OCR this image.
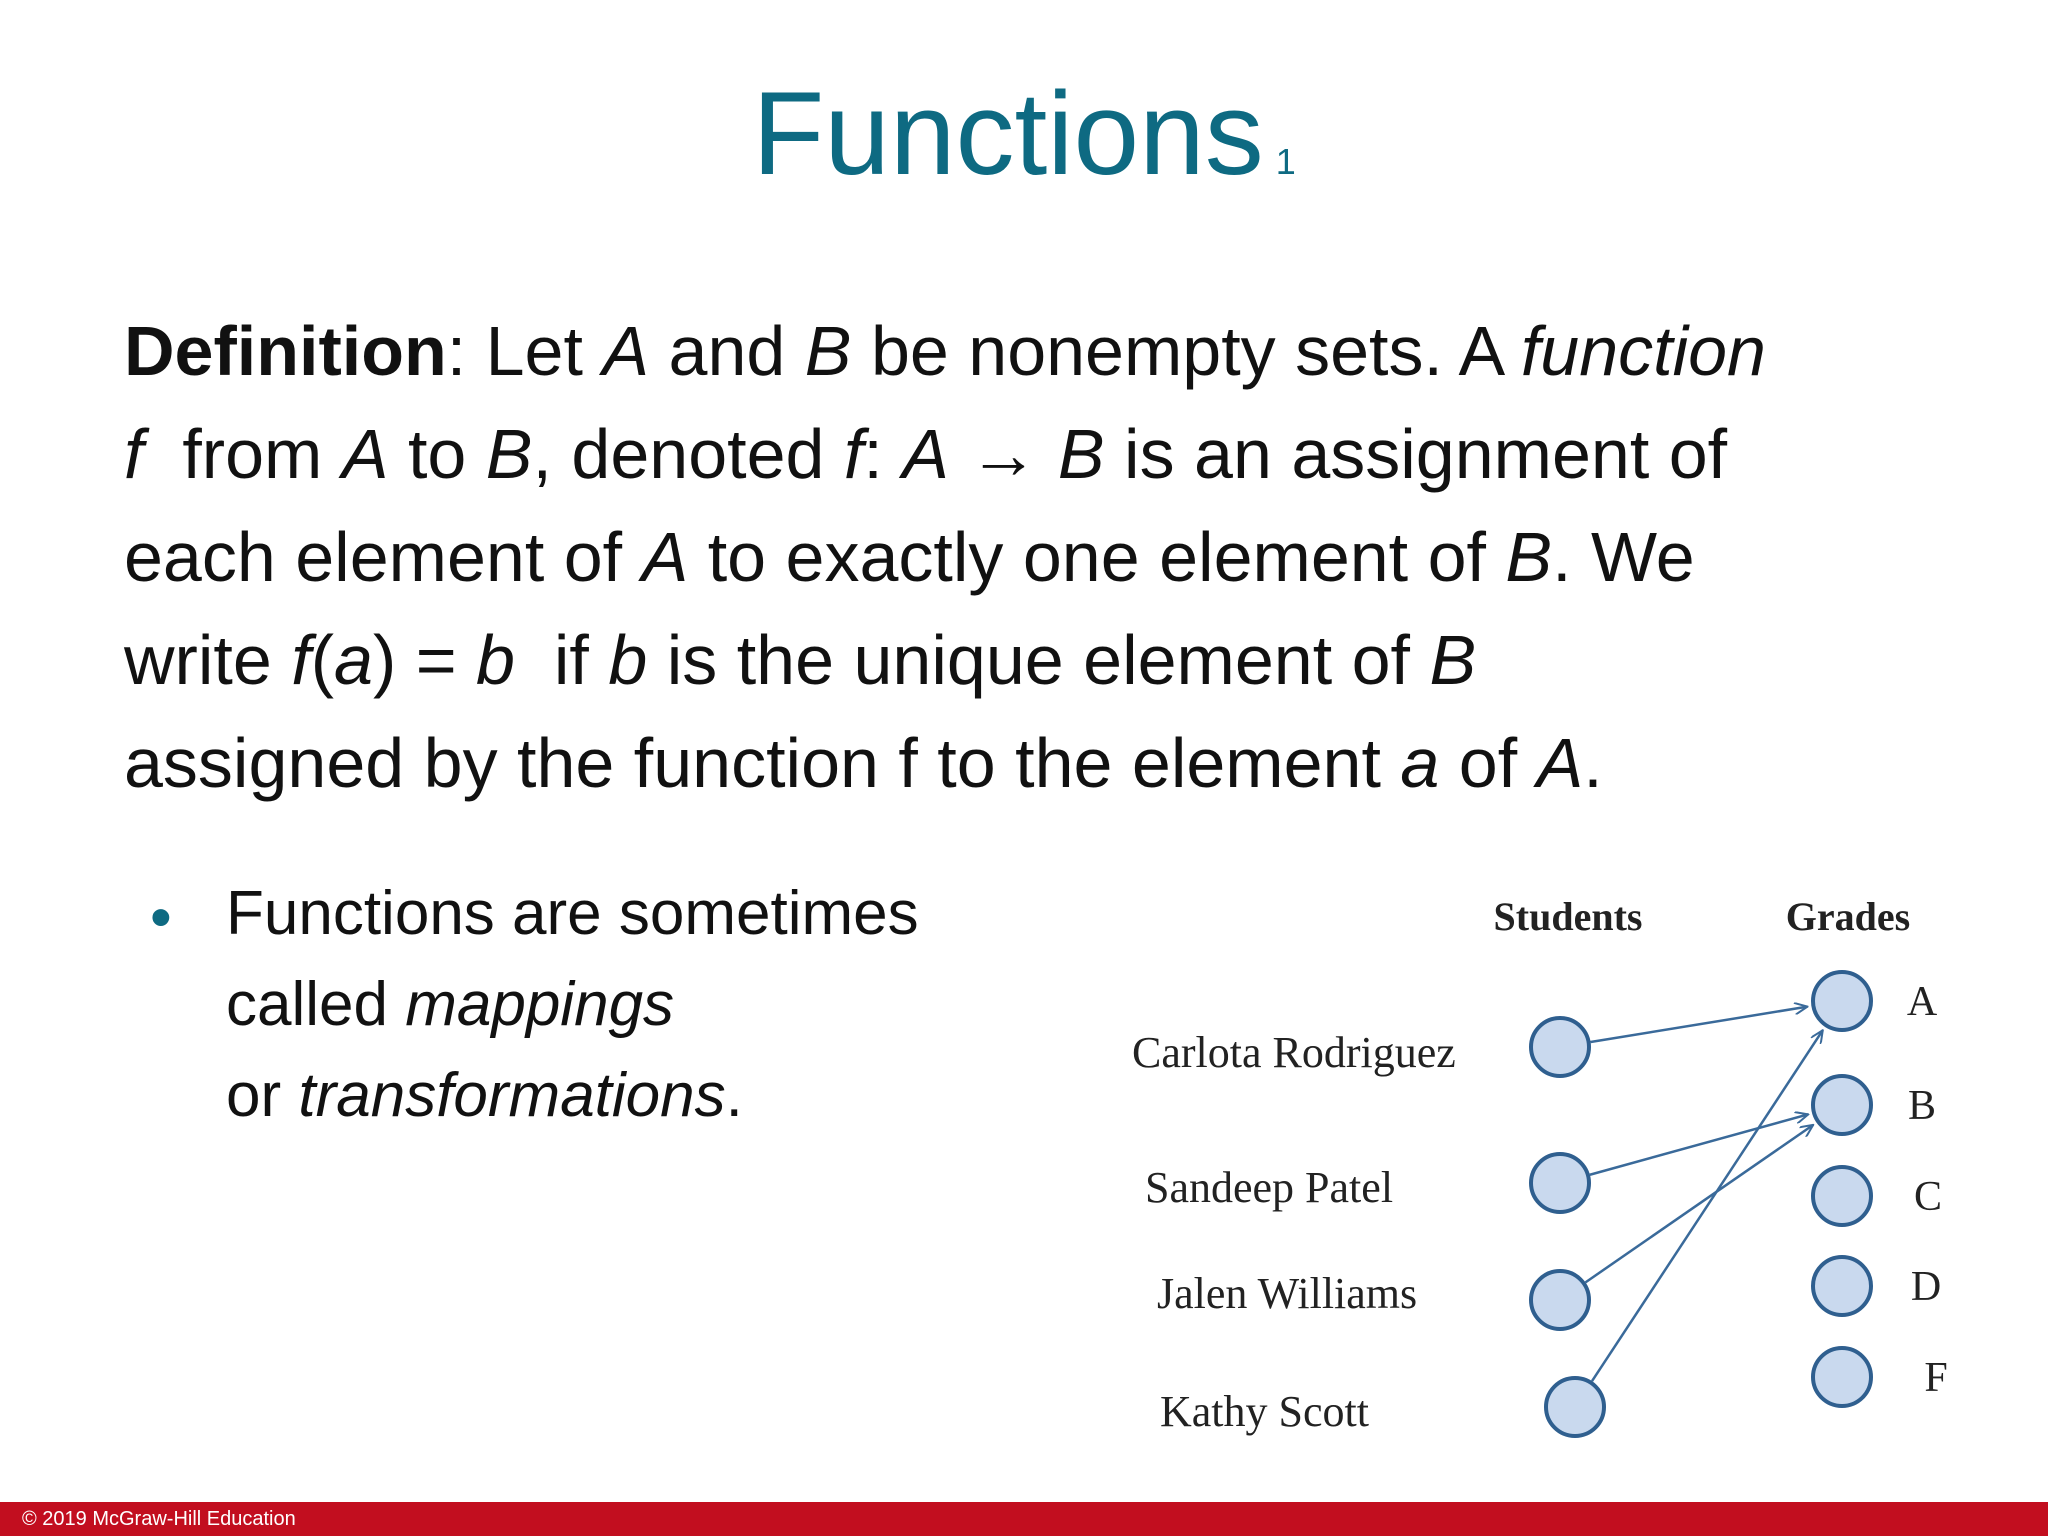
Functions 1
Definition: Let A and B be nonempty sets. A function
f  from A to B, denoted f: A → B is an assignment of
each element of A to exactly one element of B. We
write f(a) = b  if b is the unique element of B
assigned by the function f to the element a of A.
• Functions are sometimes
called mappings
or transformations.
Students	Grades
Carlota Rodriguez
Sandeep Patel
Jalen Williams
Kathy Scott
A
B
C
D
F
© 2019 McGraw-Hill Education
